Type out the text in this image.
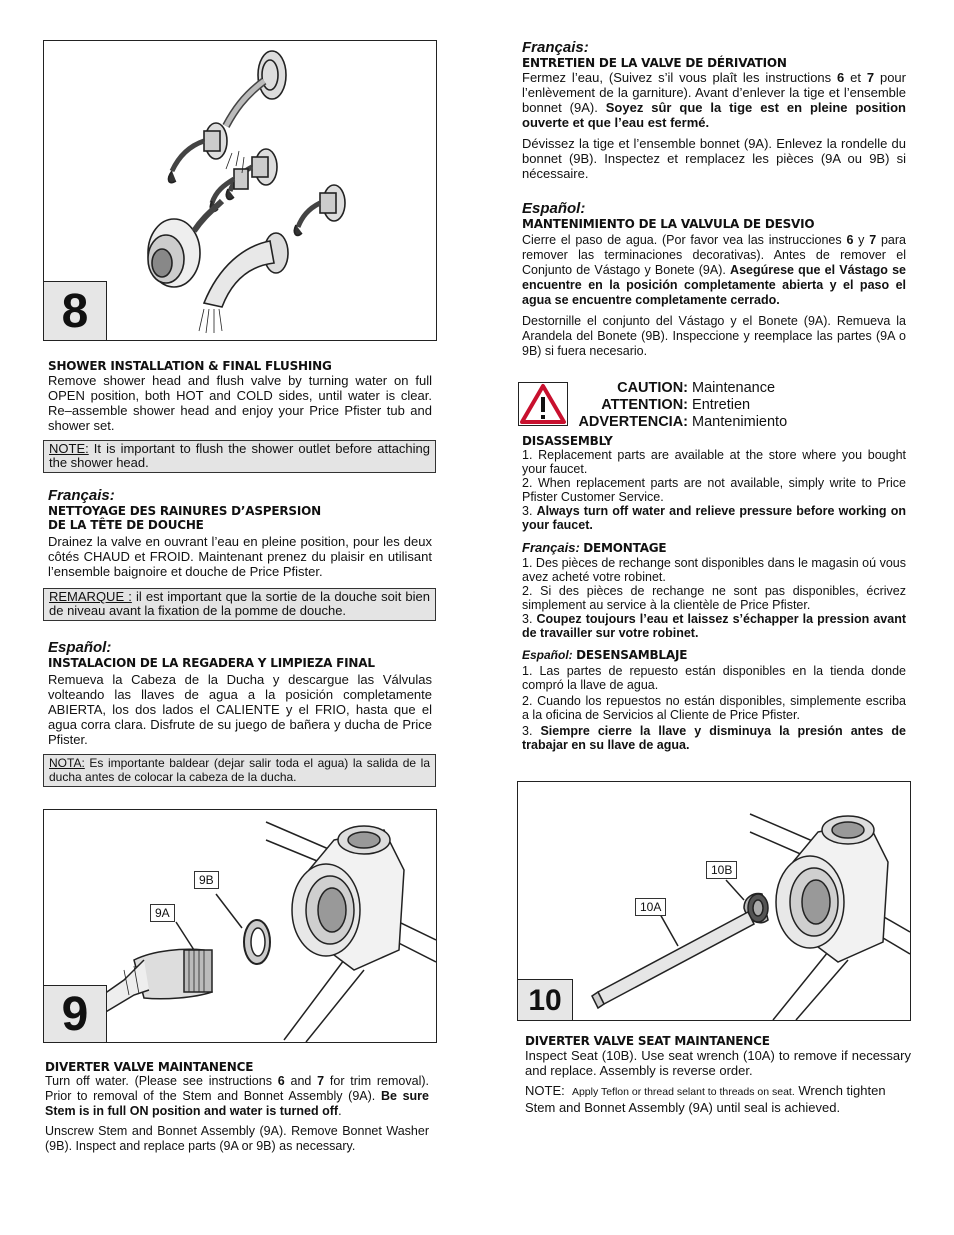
8
SHOWER INSTALLATION & FINAL FLUSHING
Remove shower head and flush valve by turning water on full OPEN position, both HOT and COLD sides, until water is clear. Re–assemble shower head and enjoy your Price Pfister tub and shower set.
NOTE: It is important to flush the shower outlet before attaching the shower head.
Français:
NETTOYAGE DES RAINURES D’ASPERSION
DE LA TÊTE DE DOUCHE
Drainez la valve en ouvrant l’eau en pleine position, pour les deux côtés CHAUD et FROID. Maintenant prenez du plaisir en utilisant l’ensemble baignoire et douche de Price Pfister.
REMARQUE : il est important que la sortie de la douche soit bien de niveau avant la fixation de la pomme de douche.
Español:
INSTALACION DE LA REGADERA Y LIMPIEZA FINAL
Remueva la Cabeza de la Ducha y descargue las Válvulas volteando las llaves de agua a la posición completamente ABIERTA, los dos lados el CALIENTE y el FRIO, hasta que el agua corra clara. Disfrute de su juego de bañera y ducha de Price Pfister.
NOTA: Es importante baldear (dejar salir toda el agua) la salida de la ducha antes de colocar la cabeza de la ducha.
9B
9A
9
DIVERTER VALVE MAINTANENCE
Turn off water. (Please see instructions 6 and 7 for trim removal). Prior to removal of the Stem and Bonnet Assembly (9A). Be sure Stem is in full ON position and water is turned off.
Unscrew Stem and Bonnet Assembly (9A). Remove Bonnet Washer (9B). Inspect and replace parts (9A or 9B) as necessary.
Français:
ENTRETIEN DE LA VALVE DE DÉRIVATION
Fermez l’eau, (Suivez s’il vous plaît les instructions 6 et 7 pour l’enlèvement de la garniture). Avant d’enlever la tige et l’ensemble bonnet (9A). Soyez sûr que la tige est en pleine position ouverte et que l’eau est fermé.
Dévissez la tige et l’ensemble bonnet (9A). Enlevez la rondelle du bonnet (9B). Inspectez et remplacez les pièces (9A ou 9B) si nécessaire.
Español:
MANTENIMIENTO DE LA VALVULA DE DESVIO
Cierre el paso de agua. (Por favor vea las instrucciones 6 y 7 para remover las terminaciones decorativas). Antes de remover el Conjunto de Vástago y Bonete (9A). Asegúrese que el Vástago se encuentre en la posición completamente abierta y el paso el agua se encuentre completamente cerrado.
Destornille el conjunto del Vástago y el Bonete (9A). Remueva la Arandela del Bonete (9B). Inspeccione y reemplace las partes (9A o 9B) si fuera necesario.
CAUTION: Maintenance
ATTENTION: Entretien
ADVERTENCIA: Mantenimiento
DISASSEMBLY
1. Replacement parts are available at the store where you bought your faucet.
2. When replacement parts are not available, simply write to Price Pfister Customer Service.
3. Always turn off water and relieve pressure before working on your faucet.
Français: DEMONTAGE
1. Des pièces de rechange sont disponibles dans le magasin oú vous avez acheté votre robinet.
2. Si des pièces de rechange ne sont pas disponibles, écrivez simplement au service à la clientèle de Price Pfister.
3. Coupez toujours l’eau et laissez s’échapper la pression avant de travailler sur votre robinet.
Español: DESENSAMBLAJE
1. Las partes de repuesto están disponibles en la tienda donde compró la llave de agua.
2. Cuando los repuestos no están disponibles, simplemente escriba a la oficina de Servicios al Cliente de Price Pfister.
3. Siempre cierre la llave y disminuya la presión antes de trabajar en su llave de agua.
10B
10A
10
DIVERTER VALVE SEAT MAINTANENCE
Inspect Seat (10B). Use seat wrench (10A) to remove if necessary and replace. Assembly is reverse order.
NOTE: Apply Teflon or thread selant to threads on seat. Wrench tighten Stem and Bonnet Assembly (9A) until seal is achieved.
